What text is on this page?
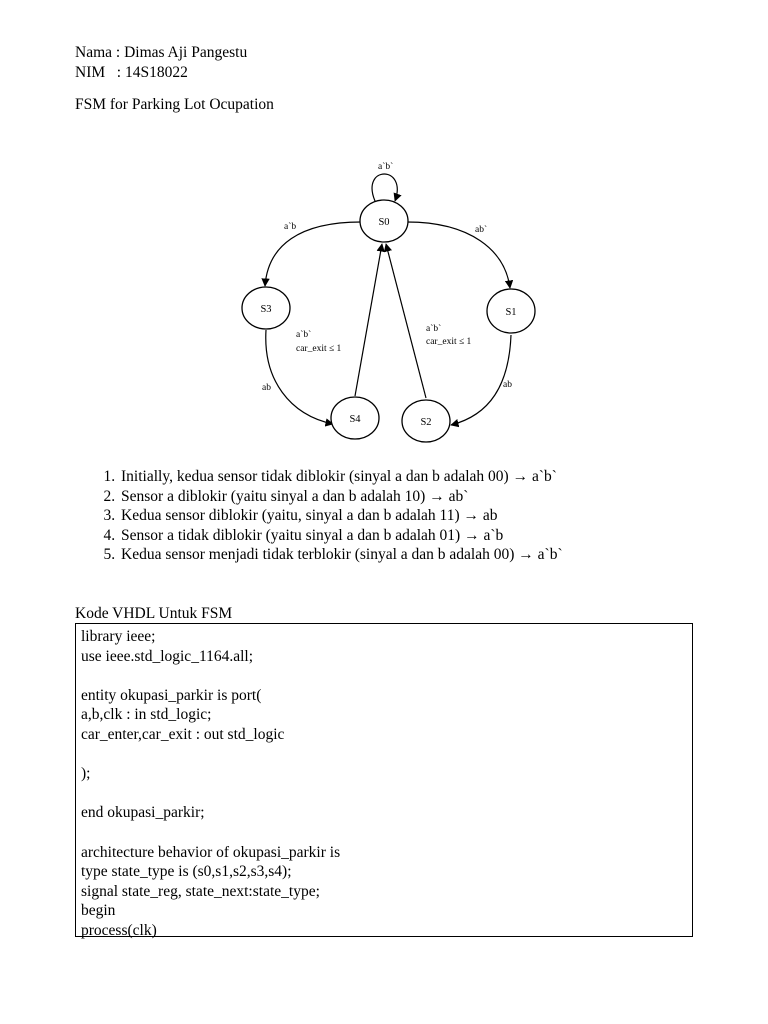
Nama : Dimas Aji Pangestu
NIM   : 14S18022
FSM for Parking Lot Ocupation
S0
S3	S1
S4	S2
a`b`
a`b	ab`
ab	ab
a`b`
car_exit ≤ 1
a`b`
car_exit ≤ 1
1. Initially, kedua sensor tidak diblokir (sinyal a dan b adalah 00) → a`b`
2. Sensor a diblokir (yaitu sinyal a dan b adalah 10) → ab`
3. Kedua sensor diblokir (yaitu, sinyal a dan b adalah 11) → ab
4. Sensor a tidak diblokir (yaitu sinyal a dan b adalah 01) → a`b
5. Kedua sensor menjadi tidak terblokir (sinyal a dan b adalah 00) → a`b`
Kode VHDL Untuk FSM
library ieee;
use ieee.std_logic_1164.all;
entity okupasi_parkir is port(
a,b,clk : in std_logic;
car_enter,car_exit : out std_logic
);
end okupasi_parkir;
architecture behavior of okupasi_parkir is
type state_type is (s0,s1,s2,s3,s4);
signal state_reg, state_next:state_type;
begin
process(clk)
